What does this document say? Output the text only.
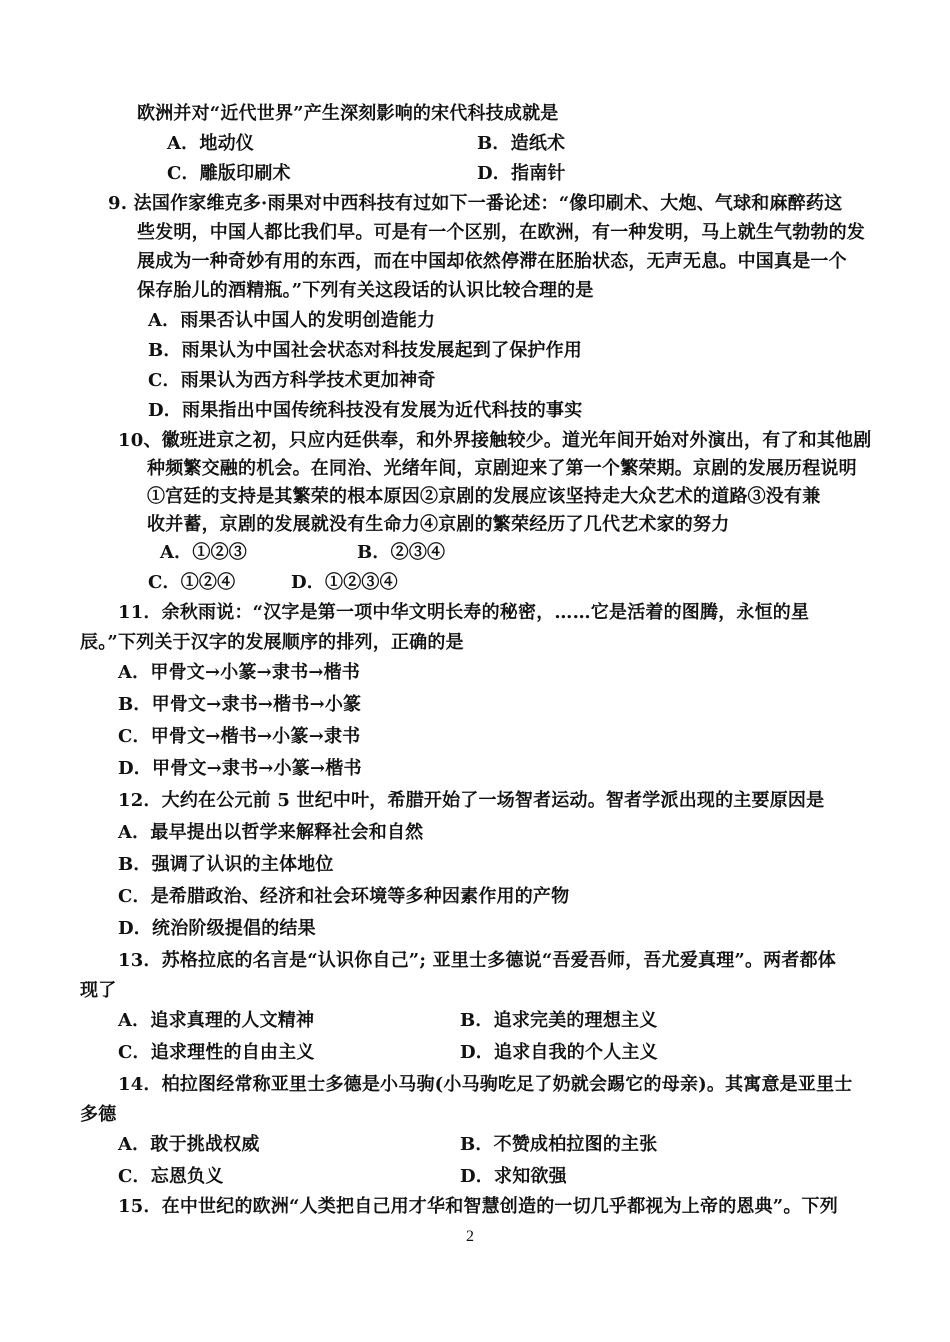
欧洲并对“近代世界”产生深刻影响的宋代科技成就是
A．地动仪	B．造纸术
C．雕版印刷术	D．指南针
9. 法国作家维克多·雨果对中西科技有过如下一番论述：“像印刷术、大炮、气球和麻醉药这
些发明，中国人都比我们早。可是有一个区别，在欧洲，有一种发明，马上就生气勃勃的发
展成为一种奇妙有用的东西，而在中国却依然停滞在胚胎状态，无声无息。中国真是一个
保存胎儿的酒精瓶。”下列有关这段话的认识比较合理的是
A．雨果否认中国人的发明创造能力
B．雨果认为中国社会状态对科技发展起到了保护作用
C．雨果认为西方科学技术更加神奇
D．雨果指出中国传统科技没有发展为近代科技的事实
10、徽班进京之初，只应内廷供奉，和外界接触较少。道光年间开始对外演出，有了和其他剧
种频繁交融的机会。在同治、光绪年间，京剧迎来了第一个繁荣期。京剧的发展历程说明
①宫廷的支持是其繁荣的根本原因②京剧的发展应该坚持走大众艺术的道路③没有兼
收并蓄，京剧的发展就没有生命力④京剧的繁荣经历了几代艺术家的努力
A．①②③	B．②③④
C．①②④	D．①②③④
11．余秋雨说：“汉字是第一项中华文明长寿的秘密，……它是活着的图腾，永恒的星
辰。”下列关于汉字的发展顺序的排列，正确的是
A．甲骨文→小篆→隶书→楷书
B．甲骨文→隶书→楷书→小篆
C．甲骨文→楷书→小篆→隶书
D．甲骨文→隶书→小篆→楷书
12．大约在公元前 5 世纪中叶，希腊开始了一场智者运动。智者学派出现的主要原因是
A．最早提出以哲学来解释社会和自然
B．强调了认识的主体地位
C．是希腊政治、经济和社会环境等多种因素作用的产物
D．统治阶级提倡的结果
13．苏格拉底的名言是“认识你自己”; 亚里士多德说“吾爱吾师，吾尤爱真理”。两者都体
现了
A．追求真理的人文精神	B．追求完美的理想主义
C．追求理性的自由主义	D．追求自我的个人主义
14．柏拉图经常称亚里士多德是小马驹(小马驹吃足了奶就会踢它的母亲)。其寓意是亚里士
多德
A．敢于挑战权威	B．不赞成柏拉图的主张
C．忘恩负义	D．求知欲强
15．在中世纪的欧洲“人类把自己用才华和智慧创造的一切几乎都视为上帝的恩典”。下列
2
